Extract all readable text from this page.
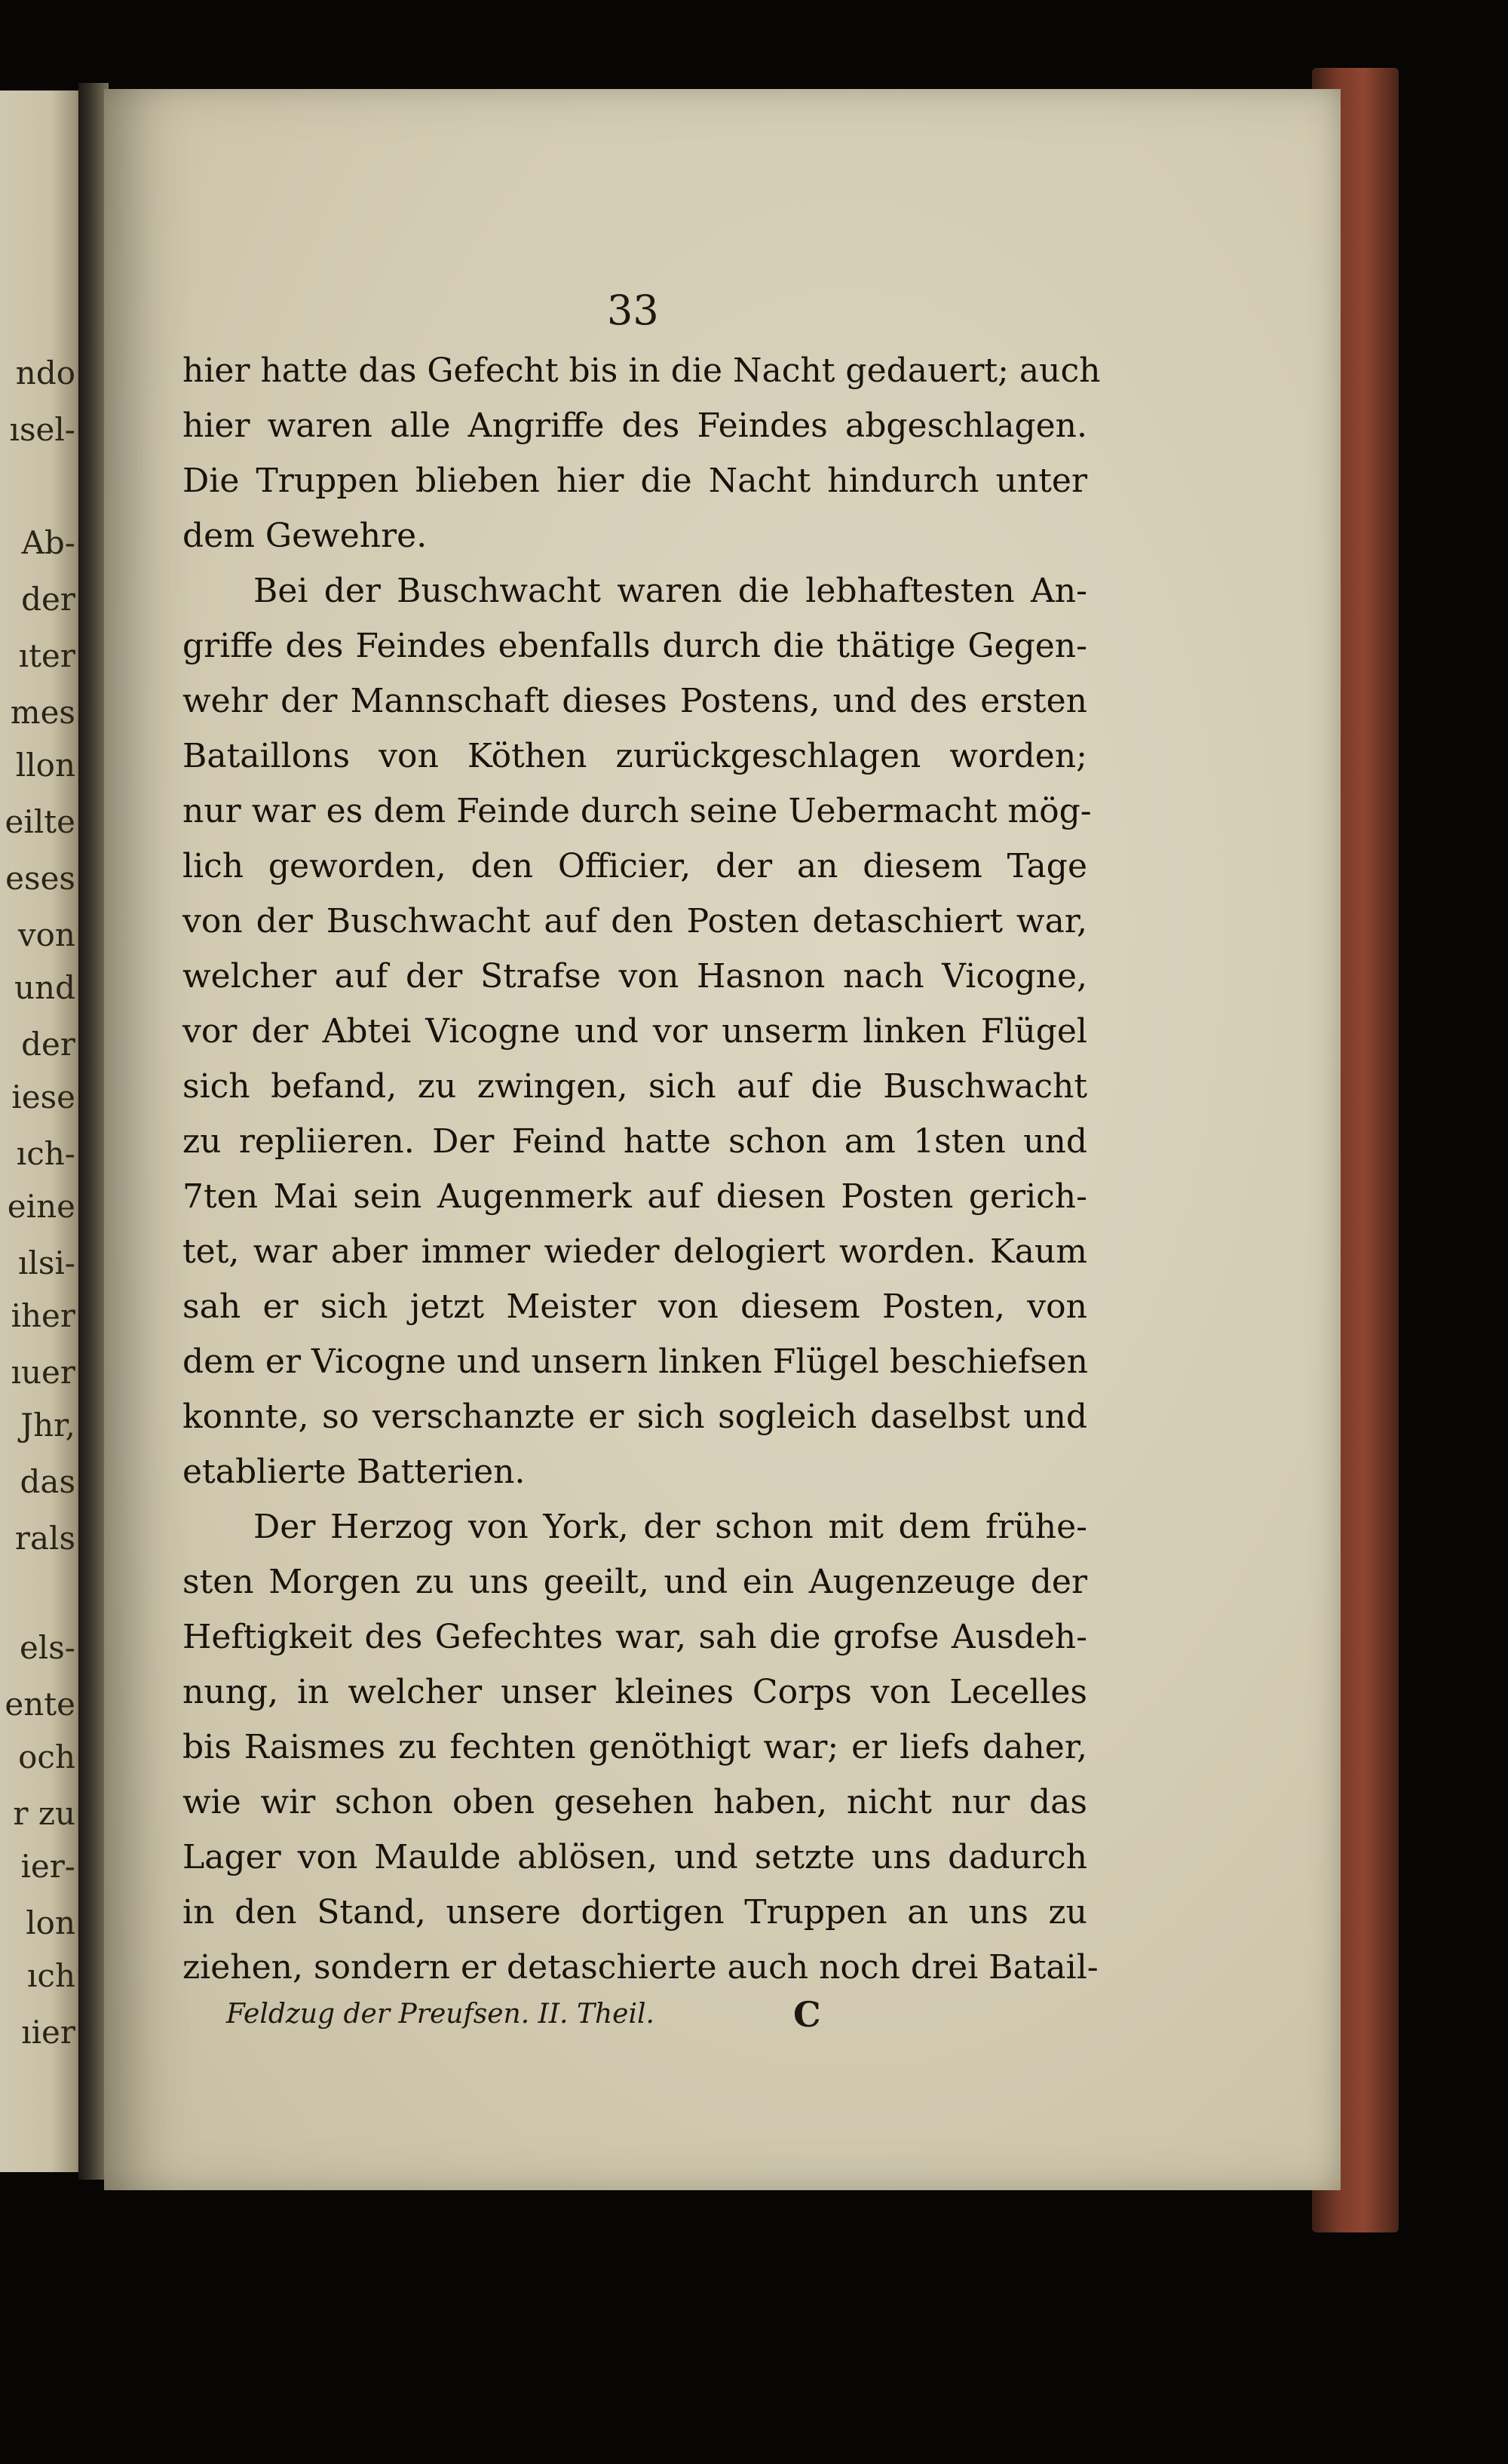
ndo
ısel-
Ab-
der
ıter
mes
llon
eilte
eses
von
und
der
iese
ıch-
eine
ılsi-
iher
ıuer
Jhr,
das
rals
els-
ente
och
r zu
ier-
lon
ıch
ıier
33
hier hatte das Gefecht bis in die Nacht gedauert; auch
hier waren alle Angriffe des Feindes abgeschlagen.
Die Truppen blieben hier die Nacht hindurch unter
dem Gewehre.
Bei der Buschwacht waren die lebhaftesten An-
griffe des Feindes ebenfalls durch die thätige Gegen-
wehr der Mannschaft dieses Postens, und des ersten
Bataillons von Köthen zurückgeschlagen worden;
nur war es dem Feinde durch seine Uebermacht mög-
lich geworden, den Officier, der an diesem Tage
von der Buschwacht auf den Posten detaschiert war,
welcher auf der Strafse von Hasnon nach Vicogne,
vor der Abtei Vicogne und vor unserm linken Flügel
sich befand, zu zwingen, sich auf die Buschwacht
zu repliieren. Der Feind hatte schon am 1sten und
7ten Mai sein Augenmerk auf diesen Posten gerich-
tet, war aber immer wieder delogiert worden. Kaum
sah er sich jetzt Meister von diesem Posten, von
dem er Vicogne und unsern linken Flügel beschiefsen
konnte, so verschanzte er sich sogleich daselbst und
etablierte Batterien.
Der Herzog von York, der schon mit dem frühe-
sten Morgen zu uns geeilt, und ein Augenzeuge der
Heftigkeit des Gefechtes war, sah die grofse Ausdeh-
nung, in welcher unser kleines Corps von Lecelles
bis Raismes zu fechten genöthigt war; er liefs daher,
wie wir schon oben gesehen haben, nicht nur das
Lager von Maulde ablösen, und setzte uns dadurch
in den Stand, unsere dortigen Truppen an uns zu
ziehen, sondern er detaschierte auch noch drei Batail-
Feldzug der Preufsen. II. Theil.	C
